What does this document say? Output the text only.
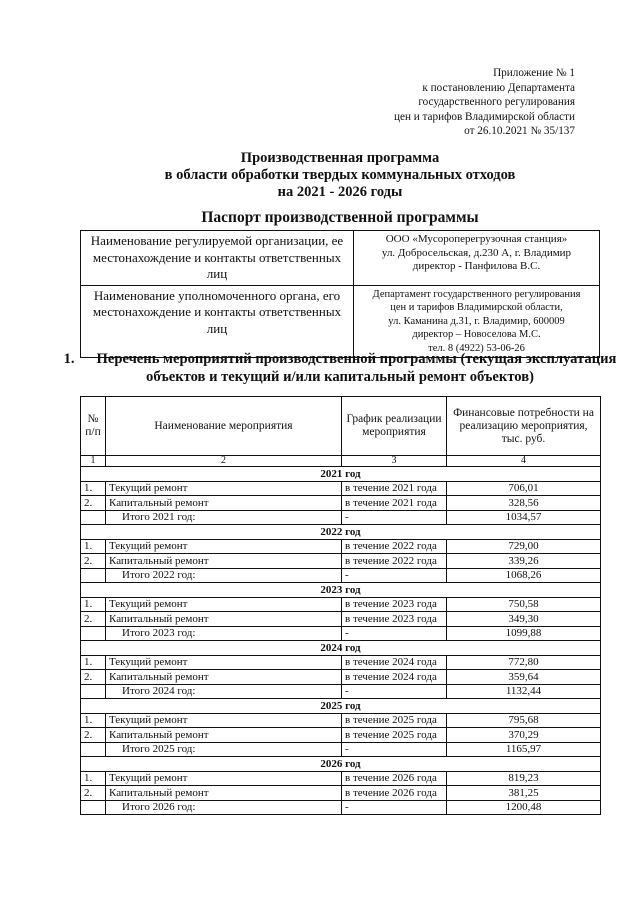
Приложение № 1
к постановлению Департамента
государственного регулирования
цен и тарифов Владимирской области
от 26.10.2021 № 35/137
Производственная программа
в области обработки твердых коммунальных отходов
на 2021 - 2026 годы
Паспорт производственной программы
Наименование регулируемой организации, ее местонахождение и контакты ответственных лиц	ООО «Мусороперегрузочная станция»
ул. Добросельская, д.230 А, г. Владимир
директор - Панфилова В.С.

Наименование уполномоченного органа, его местонахождение и контакты ответственных лиц	Департамент государственного регулирования
цен и тарифов Владимирской области,
ул. Каманина д.31, г. Владимир, 600009
директор – Новоселова М.С.
тел. 8 (4922) 53-06-26
1. Перечень мероприятий производственной программы (текущая эксплуатация объектов и текущий и/или капитальный ремонт объектов)
№ п/п	Наименование мероприятия	График реализации мероприятия	Финансовые потребности на реализацию мероприятия, тыс. руб.
1	2	3	4
2021 год			
1.	Текущий ремонт	в течение 2021 года	706,01
2.	Капитальный ремонт	в течение 2021 года	328,56
	Итого 2021 год:	-	1034,57
2022 год			
1.	Текущий ремонт	в течение 2022 года	729,00
2.	Капитальный ремонт	в течение 2022 года	339,26
	Итого 2022 год:	-	1068,26
2023 год			
1.	Текущий ремонт	в течение 2023 года	750,58
2.	Капитальный ремонт	в течение 2023 года	349,30
	Итого 2023 год:	-	1099,88
2024 год			
1.	Текущий ремонт	в течение 2024 года	772,80
2.	Капитальный ремонт	в течение 2024 года	359,64
	Итого 2024 год:	-	1132,44
2025 год			
1.	Текущий ремонт	в течение 2025 года	795,68
2.	Капитальный ремонт	в течение 2025 года	370,29
	Итого 2025 год:	-	1165,97
2026 год			
1.	Текущий ремонт	в течение 2026 года	819,23
2.	Капитальный ремонт	в течение 2026 года	381,25
	Итого 2026 год:	-	1200,48
